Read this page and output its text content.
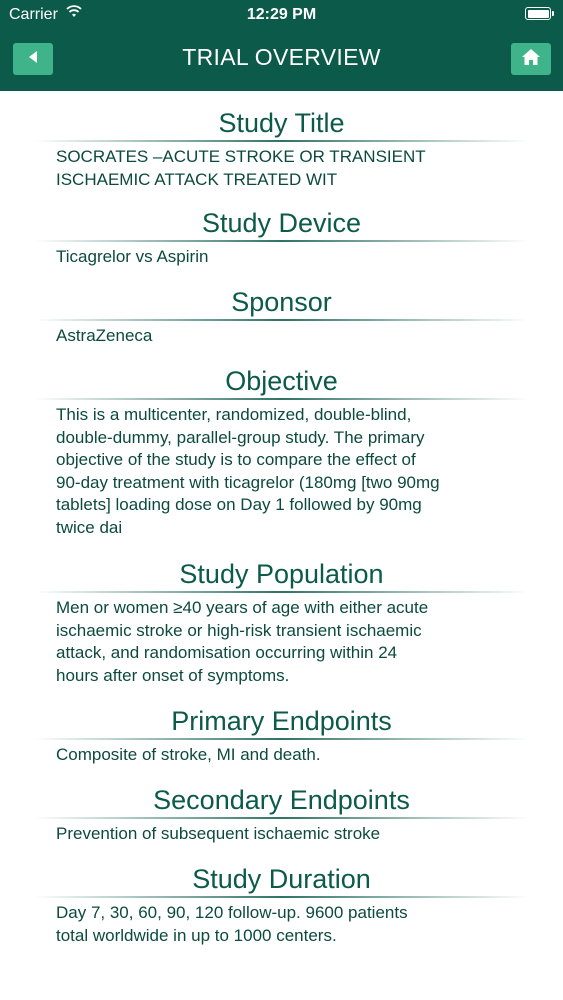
Carrier	12:29 PM
TRIAL OVERVIEW
Study Title
SOCRATES –ACUTE STROKE OR TRANSIENT
ISCHAEMIC ATTACK TREATED WIT
Study Device
Ticagrelor vs Aspirin
Sponsor
AstraZeneca
Objective
This is a multicenter, randomized, double-blind,
double-dummy, parallel-group study. The primary
objective of the study is to compare the effect of
90-day treatment with ticagrelor (180mg [two 90mg
tablets] loading dose on Day 1 followed by 90mg
twice dai
Study Population
Men or women ≥40 years of age with either acute
ischaemic stroke or high-risk transient ischaemic
attack, and randomisation occurring within 24
hours after onset of symptoms.
Primary Endpoints
Composite of stroke, MI and death.
Secondary Endpoints
Prevention of subsequent ischaemic stroke
Study Duration
Day 7, 30, 60, 90, 120 follow-up. 9600 patients
total worldwide in up to 1000 centers.
